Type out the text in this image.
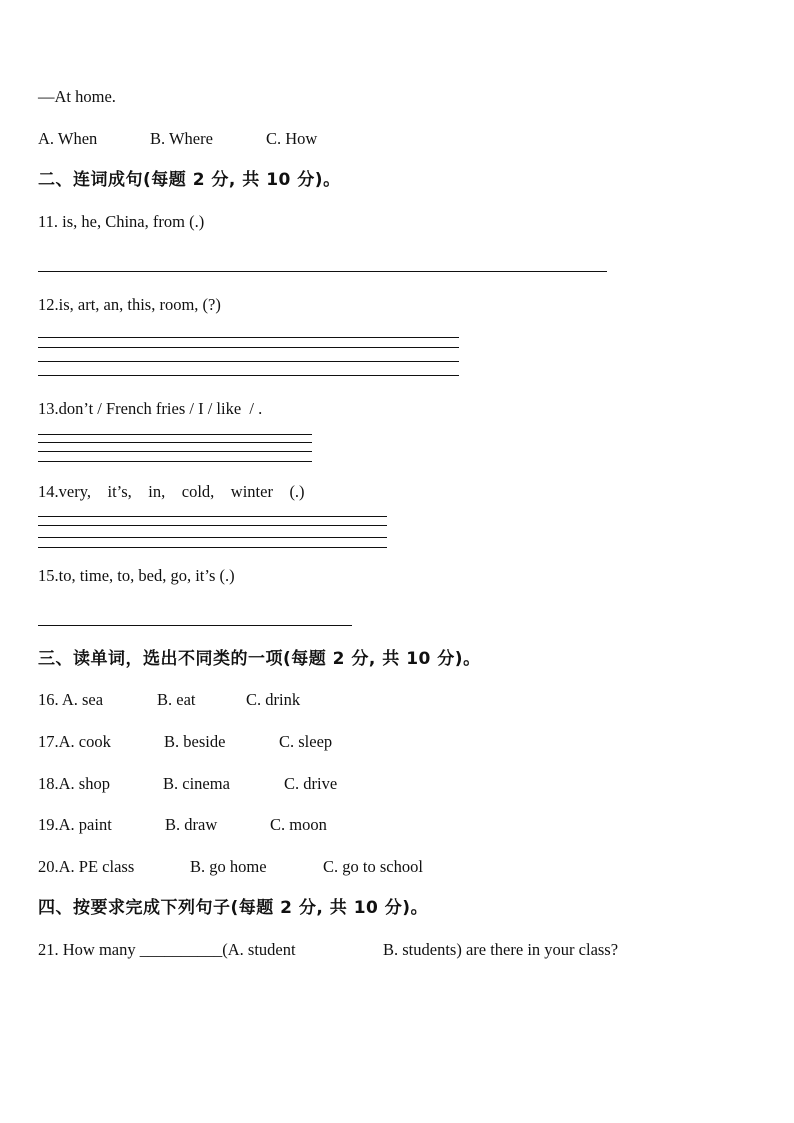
—At home.
A. When	B. Where	C. How
二、连词成句(每题 2 分, 共 10 分)。
11. is, he, China, from (.)
12.is, art, an, this, room, (?)
13.don’t / French fries / I / like  / .
14.very,    it’s,    in,    cold,    winter    (.)
15.to, time, to, bed, go, it’s (.)
三、读单词，选出不同类的一项(每题 2 分, 共 10 分)。
16. A. sea	B. eat	C. drink
17.A. cook	B. beside	C. sleep
18.A. shop	B. cinema	C. drive
19.A. paint	B. draw	C. moon
20.A. PE class	B. go home	C. go to school
四、按要求完成下列句子(每题 2 分, 共 10 分)。
21. How many __________(A. student	B. students) are there in your class?
